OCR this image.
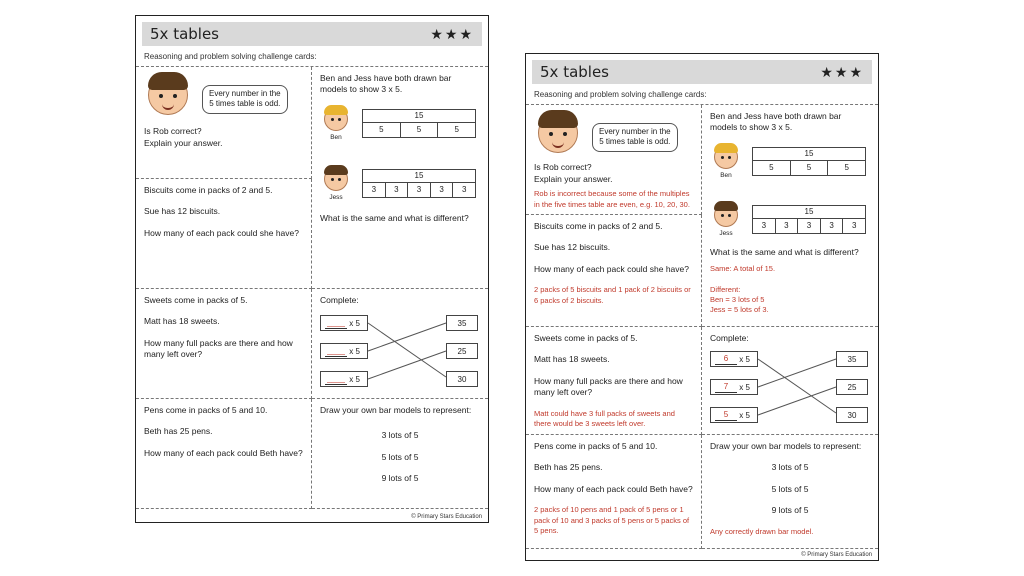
5x tables	★★★
Reasoning and problem solving challenge cards:
Every number in the
5 times table is odd.
Is Rob correct?
Explain your answer.
Ben and Jess have both drawn bar models to show 3 x 5.
Ben
15
5	5	5
Jess
15
3	3	3	3	3
What is the same and what is different?

Biscuits come in packs of 2 and 5.

Sue has 12 biscuits.

How many of each pack could she have?

Sweets come in packs of 5.

Matt has 18 sweets.

How many full packs are there and how many left over?

Complete:
____ x 5
____ x 5
____ x 5
35
25
30

Pens come in packs of 5 and 10.

Beth has 25 pens.

How many of each pack could Beth have?

Draw your own bar models to represent:

3 lots of 5

5 lots of 5

9 lots of 5

© Primary Stars Education
5x tables	★★★
Reasoning and problem solving challenge cards:
Every number in the
5 times table is odd.
Is Rob correct?
Explain your answer.

Rob is incorrect because some of the multiples in the five times table are even, e.g. 10, 20, 30.

Ben and Jess have both drawn bar models to show 3 x 5.
Ben
15
5	5	5
Jess
15
3	3	3	3	3

What is the same and what is different?

Same: A total of 15.

Different:
Ben = 3 lots of 5
Jess = 5 lots of 3.

Biscuits come in packs of 2 and 5.

Sue has 12 biscuits.

How many of each pack could she have?

2 packs of 5 biscuits and 1 pack of 2 biscuits or 6 packs of 2 biscuits.

Sweets come in packs of 5.

Matt has 18 sweets.

How many full packs are there and how many left over?

Matt could have 3 full packs of sweets and there would be 3 sweets left over.

Complete:
6 x 5
7 x 5
5 x 5
35
25
30

Pens come in packs of 5 and 10.

Beth has 25 pens.

How many of each pack could Beth have?

2 packs of 10 pens and 1 pack of 5 pens or 1 pack of 10 and 3 packs of 5 pens or 5 packs of 5 pens.

Draw your own bar models to represent:

3 lots of 5

5 lots of 5

9 lots of 5

Any correctly drawn bar model.

© Primary Stars Education
